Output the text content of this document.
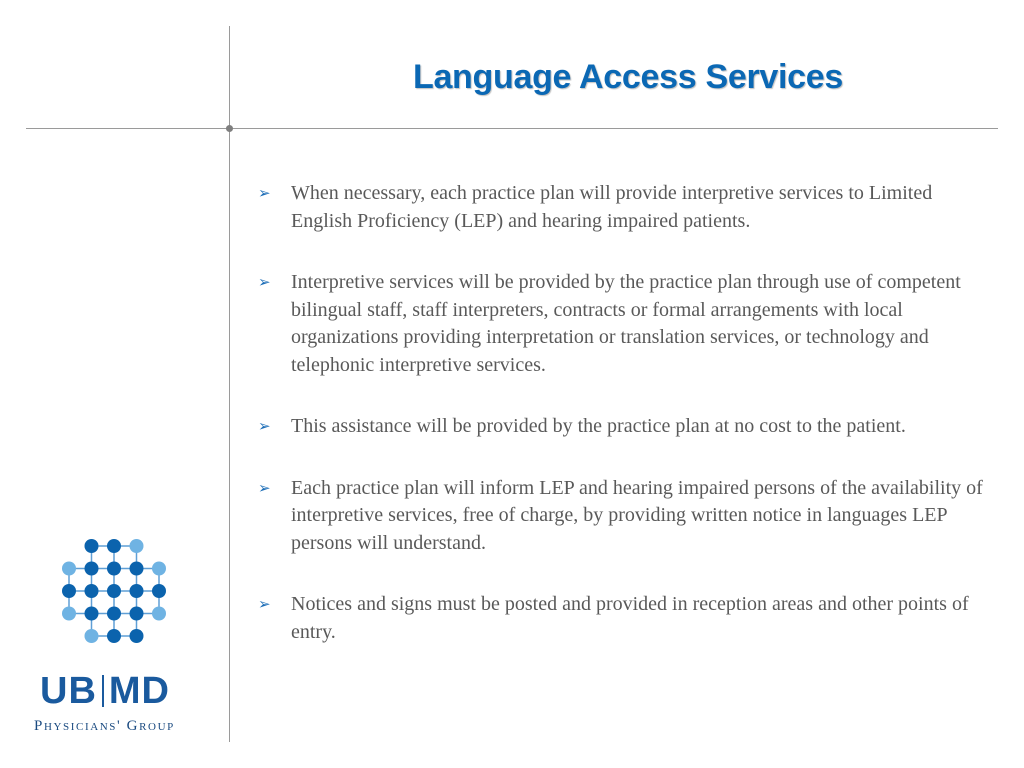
Language Access Services
➢	When necessary, each practice plan will provide interpretive services to Limited English Proficiency (LEP) and hearing impaired patients.
➢	Interpretive services will be provided by the practice plan through use of competent bilingual staff, staff interpreters, contracts or formal arrangements with local organizations providing interpretation or translation services, or technology and telephonic interpretive services.
➢	This assistance will be provided by the practice plan at no cost to the patient.
➢	Each practice plan will inform LEP and hearing impaired persons of the availability of interpretive services, free of charge, by providing written notice in languages LEP persons will understand.
➢	Notices and signs must be posted and provided in reception areas and other points of entry.
UB MD
Physicians' Group
